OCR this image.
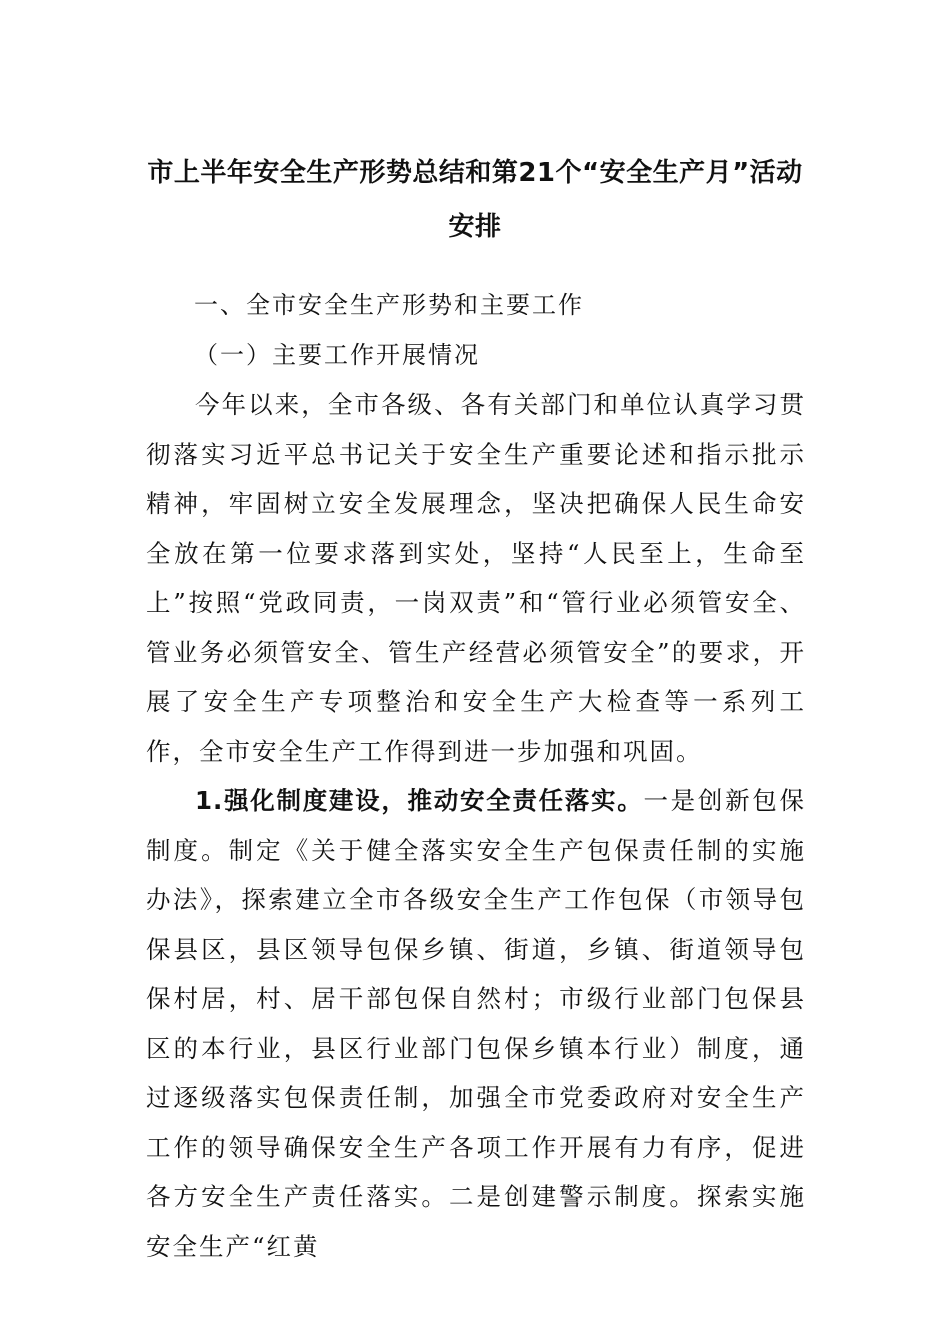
市上半年安全生产形势总结和第21个“安全生产月”活动
安排

一、全市安全生产形势和主要工作

（一）主要工作开展情况

今年以来，全市各级、各有关部门和单位认真学习贯彻落实习近平总书记关于安全生产重要论述和指示批示精神，牢固树立安全发展理念，坚决把确保人民生命安全放在第一位要求落到实处，坚持“人民至上，生命至上”按照“党政同责，一岗双责”和“管行业必须管安全、管业务必须管安全、管生产经营必须管安全”的要求，开展了安全生产专项整治和安全生产大检查等一系列工作，全市安全生产工作得到进一步加强和巩固。

1.强化制度建设，推动安全责任落实。一是创新包保制度。制定《关于健全落实安全生产包保责任制的实施办法》，探索建立全市各级安全生产工作包保（市领导包保县区，县区领导包保乡镇、街道，乡镇、街道领导包保村居，村、居干部包保自然村；市级行业部门包保县区的本行业，县区行业部门包保乡镇本行业）制度，通过逐级落实包保责任制，加强全市党委政府对安全生产工作的领导确保安全生产各项工作开展有力有序，促进各方安全生产责任落实。二是创建警示制度。探索实施安全生产“红黄
